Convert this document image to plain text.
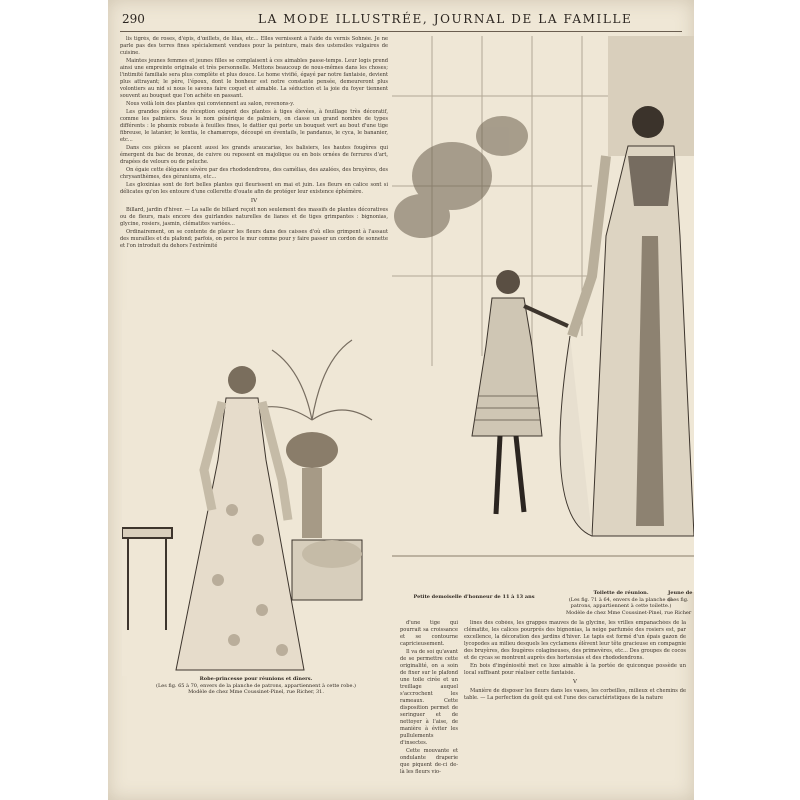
290	LA MODE ILLUSTRÉE, JOURNAL DE LA FAMILLE

lis tigrés, de roses, d'épis, d'œillets, de lilas, etc... Elles vernissent à l'aide du vernis Sohnée. Je ne parle pas des terres fines spécialement vendues pour la peinture, mais des ustensiles vulgaires de cuisine.

Maintes jeunes femmes et jeunes filles se complaisent à ces aimables passe-temps. Leur logis prend ainsi une empreinte originale et très personnelle. Mettons beaucoup de nous-mêmes dans les choses; l'intimité familiale sera plus complète et plus douce. Le home vivifié, égayé par notre fantaisie, devient plus attrayant; le père, l'époux, dont le bonheur est notre constante pensée, demeureront plus volontiers au nid si nous le savons faire coquet et aimable. La séduction et la joie du foyer tiennent souvent au bouquet que l'on achète en passant.

Nous voilà loin des plantes qui conviennent au salon, revenons-y.

Les grandes pièces de réception exigent des plantes à tiges élevées, à feuillage très décoratif, comme les palmiers. Sous le nom générique de palmiers, on classe un grand nombre de types différents : le phœnix robuste à feuilles fines, le dattier qui porte un bouquet vert au bout d'une tige fibreuse, le latanier, le kentia, le chamærops, découpé en éventails, le pandanus, le cyca, le bananier, etc...

Dans ces pièces se placent aussi les grands araucarias, les balisiers, les hautes fougères qui émergent du bac de bronze, de cuivre ou reposent en majolique ou en bois ornées de ferrures d'art, drapées de velours ou de peluche.

On égaie cette élégance sévère par des rhododendrons, des camélias, des azalées, des bruyères, des chrysanthèmes, des géraniums, etc...

Les gloxinias sont de fort belles plantes qui fleurissent en mai et juin. Les fleurs en calice sont si délicates qu'on les entoure d'une collerette d'ouate afin de protéger leur existence éphémère.

IV

Billard, jardin d'hiver. — La salle de billard reçoit non seulement des massifs de plantes décoratives ou de fleurs, mais encore des guirlandes naturelles de lianes et de tiges grimpantes : bignonias, glycine, rosiers, jasmin, clématites variées...

Ordinairement, on se contente de placer les fleurs dans des caisses d'où elles grimpent à l'assaut des murailles et du plafond; parfois, on perce le mur comme pour y faire passer un cordon de sonnette et l'on introduit du dehors l'extrémité

Robe-princesse pour réunions et dîners.
(Les fig. 65 à 70, envers de la planche de patrons, appartiennent à cette robe.)
Modèle de chez Mme Coussinet-Pinel, rue Richer, 31.
Petite demoiselle d'honneur de 11 à 13 ans
Toilette de réunion.
(Les fig. 71 à 64, envers de la planche de patrons, appartiennent à cette toilette.)
Modèle de chez Mme Coussinet-Pinel, rue Richer
Jeune de
(Les fig.

d'une tige qui pourrait sa croissance et se contourne capricieusement.

Il va de soi qu'avant de se permettre cette originalité, on a soin de fixer sur le plafond une toile cirée et un treillage auquel s'accrochent les rameaux. Cette disposition permet de seringuer et de nettoyer à l'aise, de manière à éviter les pullulements d'insectes.

Cette mouvante et ondulante draperie que piquent de-ci de-là les fleurs vio-

lines des cobées, les grappes mauves de la glycine, les vrilles empanachées de la clématite, les calices pourprés des bignonias, la neige parfumée des rosiers est, par excellence, la décoration des jardins d'hiver. Le tapis est formé d'un épais gazon de lycopodes au milieu desquels les cyclamens élèvent leur tête gracieuse en compagnie des bruyères, des fougères colagineuses, des primevères, etc... Des groupes de cocos et de cycas se montrent auprès des hortensias et des rhododendrons.

En bois d'ingéniosité met ce luxe aimable à la portée de quiconque possède un local suffisant pour réaliser cette fantaisie.

V

Manière de disposer les fleurs dans les vases, les corbeilles, milieux et chemins de table. — La perfection du goût qui est l'une des caractéristiques de la nature
